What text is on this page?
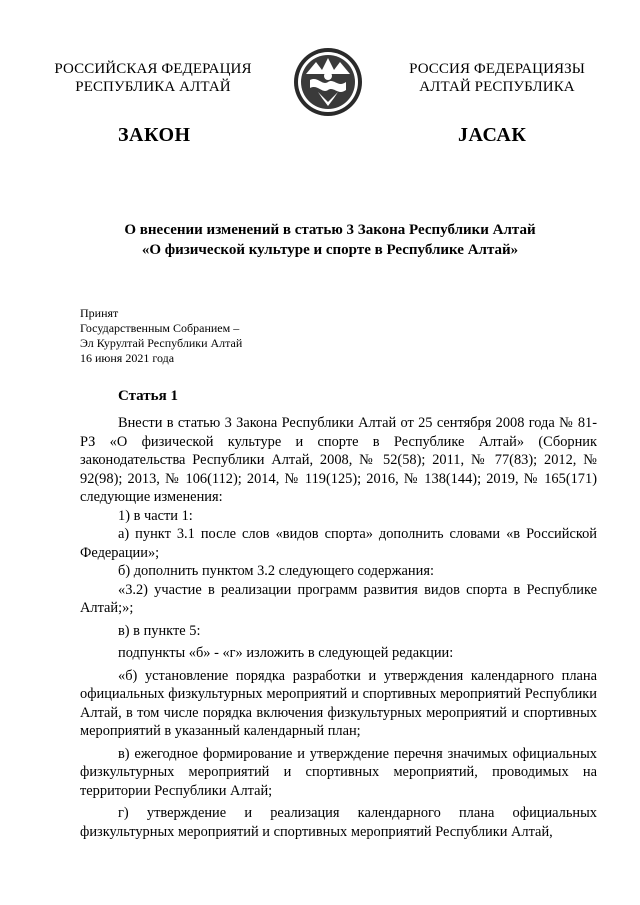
РОССИЙСКАЯ ФЕДЕРАЦИЯ
РЕСПУБЛИКА АЛТАЙ
РОССИЯ ФЕДЕРАЦИЯЗЫ
АЛТАЙ РЕСПУБЛИКА
ЗАКОН	JАСАК
О внесении изменений в статью 3 Закона Республики Алтай
«О физической культуре и спорте в Республике Алтай»
Принят
Государственным Собранием –
Эл Курултай Республики Алтай
16 июня 2021 года
Статья 1

Внести в статью 3 Закона Республики Алтай от 25 сентября 2008 года № 81-РЗ «О физической культуре и спорте в Республике Алтай» (Сборник законодательства Республики Алтай, 2008, № 52(58); 2011, № 77(83); 2012, № 92(98); 2013, № 106(112); 2014, № 119(125); 2016, № 138(144); 2019, № 165(171) следующие изменения:

1) в части 1:

а) пункт 3.1 после слов «видов спорта» дополнить словами «в Российской Федерации»;

б) дополнить пунктом 3.2 следующего содержания:

«3.2) участие в реализации программ развития видов спорта в Республике Алтай;»;

в) в пункте 5:

подпункты «б» - «г» изложить в следующей редакции:

«б) установление порядка разработки и утверждения календарного плана официальных физкультурных мероприятий и спортивных мероприятий Республики Алтай, в том числе порядка включения физкультурных мероприятий и спортивных мероприятий в указанный календарный план;

в) ежегодное формирование и утверждение перечня значимых официальных физкультурных мероприятий и спортивных мероприятий, проводимых на территории Республики Алтай;

г) утверждение и реализация календарного плана официальных физкультурных мероприятий и спортивных мероприятий Республики Алтай,
